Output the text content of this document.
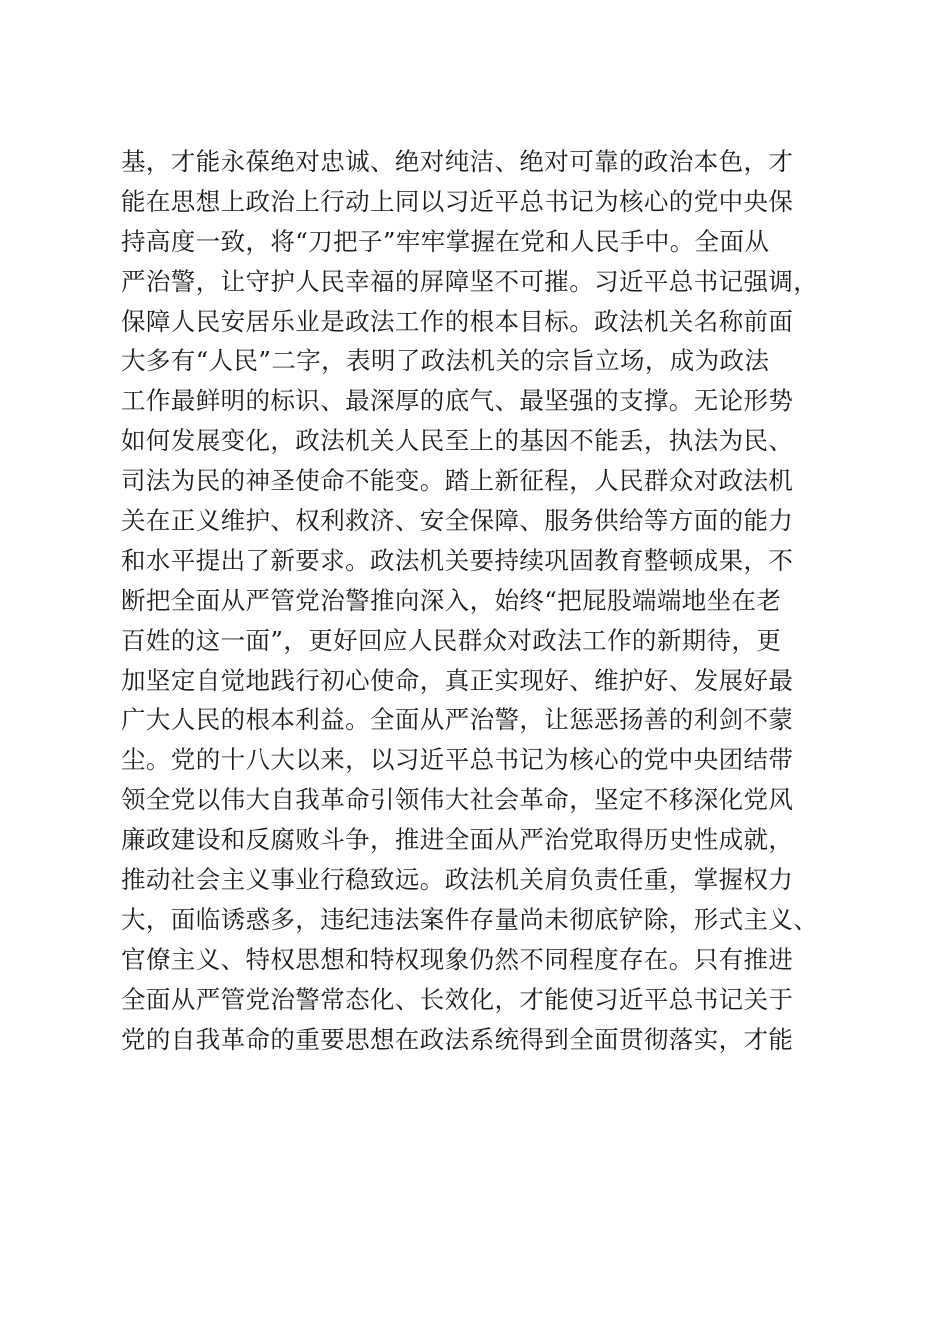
基，才能永葆绝对忠诚、绝对纯洁、绝对可靠的政治本色，才
能在思想上政治上行动上同以习近平总书记为核心的党中央保
持高度一致，将“刀把子”牢牢掌握在党和人民手中。全面从
严治警，让守护人民幸福的屏障坚不可摧。习近平总书记强调，
保障人民安居乐业是政法工作的根本目标。政法机关名称前面
大多有“人民”二字，表明了政法机关的宗旨立场，成为政法
工作最鲜明的标识、最深厚的底气、最坚强的支撑。无论形势
如何发展变化，政法机关人民至上的基因不能丢，执法为民、
司法为民的神圣使命不能变。踏上新征程，人民群众对政法机
关在正义维护、权利救济、安全保障、服务供给等方面的能力
和水平提出了新要求。政法机关要持续巩固教育整顿成果，不
断把全面从严管党治警推向深入，始终“把屁股端端地坐在老
百姓的这一面”，更好回应人民群众对政法工作的新期待，更
加坚定自觉地践行初心使命，真正实现好、维护好、发展好最
广大人民的根本利益。全面从严治警，让惩恶扬善的利剑不蒙
尘。党的十八大以来，以习近平总书记为核心的党中央团结带
领全党以伟大自我革命引领伟大社会革命，坚定不移深化党风
廉政建设和反腐败斗争，推进全面从严治党取得历史性成就，
推动社会主义事业行稳致远。政法机关肩负责任重，掌握权力
大，面临诱惑多，违纪违法案件存量尚未彻底铲除，形式主义、
官僚主义、特权思想和特权现象仍然不同程度存在。只有推进
全面从严管党治警常态化、长效化，才能使习近平总书记关于
党的自我革命的重要思想在政法系统得到全面贯彻落实，才能
